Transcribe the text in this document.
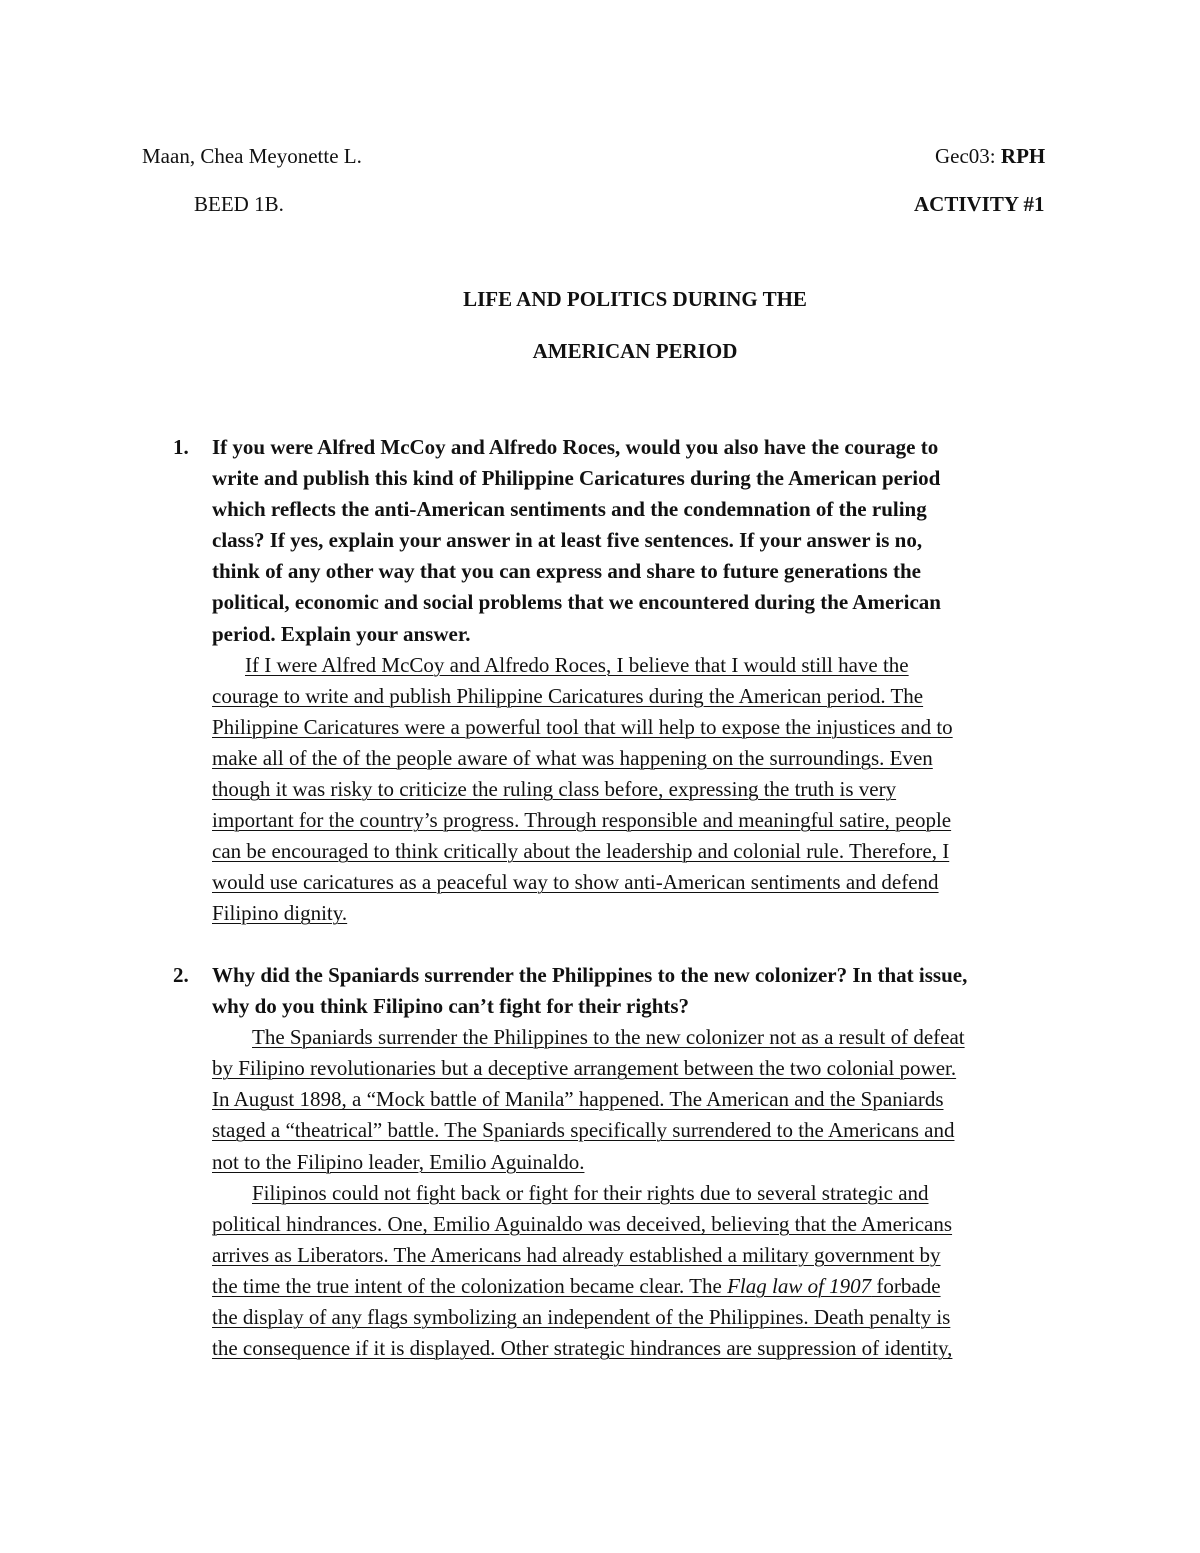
Maan, Chea Meyonette L.
BEED 1B.
Gec03: RPH
ACTIVITY #1
LIFE AND POLITICS DURING THE
AMERICAN PERIOD
1. If you were Alfred McCoy and Alfredo Roces, would you also have the courage to

write and publish this kind of Philippine Caricatures during the American period

which reflects the anti-American sentiments and the condemnation of the ruling

class? If yes, explain your answer in at least five sentences. If your answer is no,

think of any other way that you can express and share to future generations the

political, economic and social problems that we encountered during the American

period. Explain your answer.

If I were Alfred McCoy and Alfredo Roces, I believe that I would still have the

courage to write and publish Philippine Caricatures during the American period. The

Philippine Caricatures were a powerful tool that will help to expose the injustices and to

make all of the of the people aware of what was happening on the surroundings. Even

though it was risky to criticize the ruling class before, expressing the truth is very

important for the country’s progress. Through responsible and meaningful satire, people

can be encouraged to think critically about the leadership and colonial rule. Therefore, I

would use caricatures as a peaceful way to show anti-American sentiments and defend

Filipino dignity.

2. Why did the Spaniards surrender the Philippines to the new colonizer? In that issue,

why do you think Filipino can’t fight for their rights?

The Spaniards surrender the Philippines to the new colonizer not as a result of defeat

by Filipino revolutionaries but a deceptive arrangement between the two colonial power.

In August 1898, a “Mock battle of Manila” happened. The American and the Spaniards

staged a “theatrical” battle. The Spaniards specifically surrendered to the Americans and

not to the Filipino leader, Emilio Aguinaldo.

Filipinos could not fight back or fight for their rights due to several strategic and

political hindrances. One, Emilio Aguinaldo was deceived, believing that the Americans

arrives as Liberators. The Americans had already established a military government by

the time the true intent of the colonization became clear. The Flag law of 1907 forbade

the display of any flags symbolizing an independent of the Philippines. Death penalty is

the consequence if it is displayed. Other strategic hindrances are suppression of identity,
